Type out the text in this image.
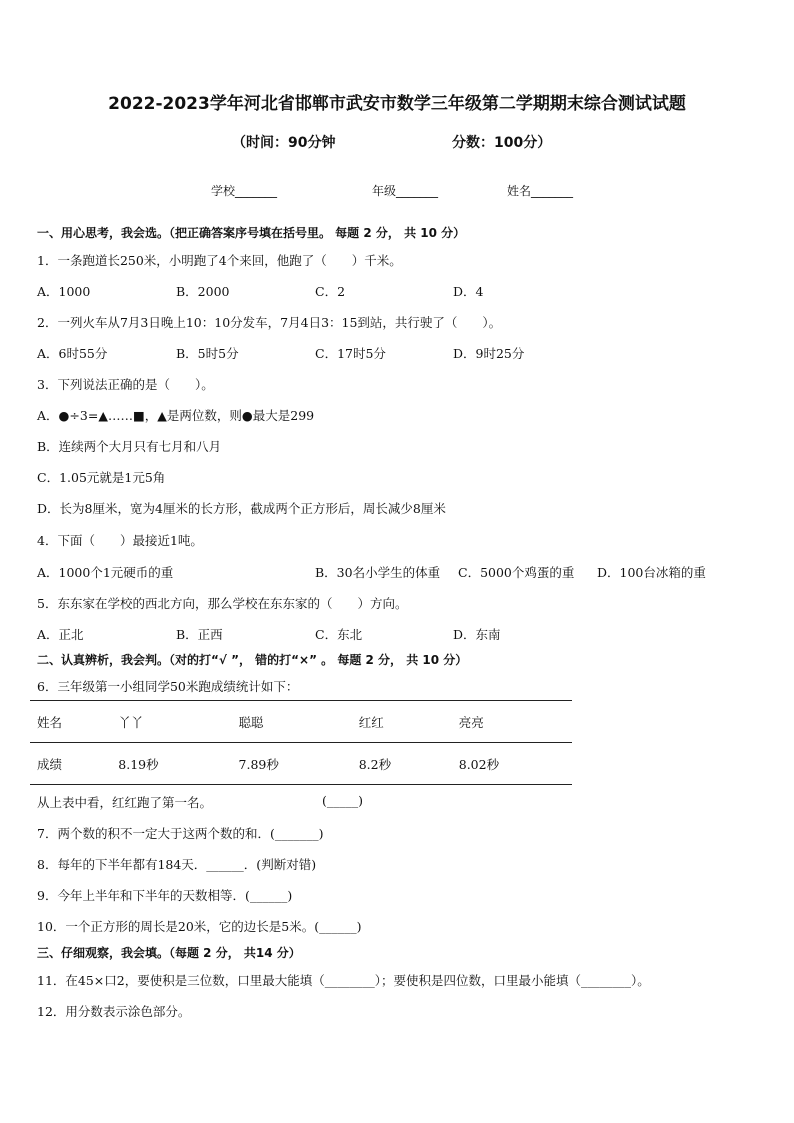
2022-2023学年河北省邯郸市武安市数学三年级第二学期期末综合测试试题
（时间：90分钟	分数：100分）
学校_______	年级_______	姓名_______
一、用心思考，我会选。（把正确答案序号填在括号里。 每题 2 分， 共 10 分）
1．一条跑道长250米，小明跑了4个来回，他跑了（　　）千米。
A．1000	B．2000	C．2	D．4
2．一列火车从7月3日晚上10：10分发车，7月4日3：15到站，共行驶了（　　）。
A．6时55分	B．5时5分	C．17时5分	D．9时25分
3．下列说法正确的是（　　）。
A．●÷3=▲……■，▲是两位数，则●最大是299
B．连续两个大月只有七月和八月
C．1.05元就是1元5角
D．长为8厘米，宽为4厘米的长方形，截成两个正方形后，周长减少8厘米
4．下面（　　）最接近1吨。
A．1000个1元硬币的重	B．30名小学生的体重 C．5000个鸡蛋的重 D．100台冰箱的重
5．东东家在学校的西北方向，那么学校在东东家的（　　）方向。
A．正北	B．正西	C．东北	D．东南
二、认真辨析，我会判。（对的打“√ ”， 错的打“×” 。 每题 2 分， 共 10 分）
6．三年级第一小组同学50米跑成绩统计如下：
姓名	丫丫	聪聪	红红	亮亮
成绩	8.19秒	7.89秒	8.2秒	8.02秒
从上表中看，红红跑了第一名。	(_____)
7．两个数的积不一定大于这两个数的和．(_______)
8．每年的下半年都有184天．______．(判断对错)
9．今年上半年和下半年的天数相等．(______)
10．一个正方形的周长是20米，它的边长是5米。(______)
三、仔细观察，我会填。（每题 2 分， 共14 分）
11．在45×口2，要使积是三位数，口里最大能填（________）；要使积是四位数，口里最小能填（________）。
12．用分数表示涂色部分。
